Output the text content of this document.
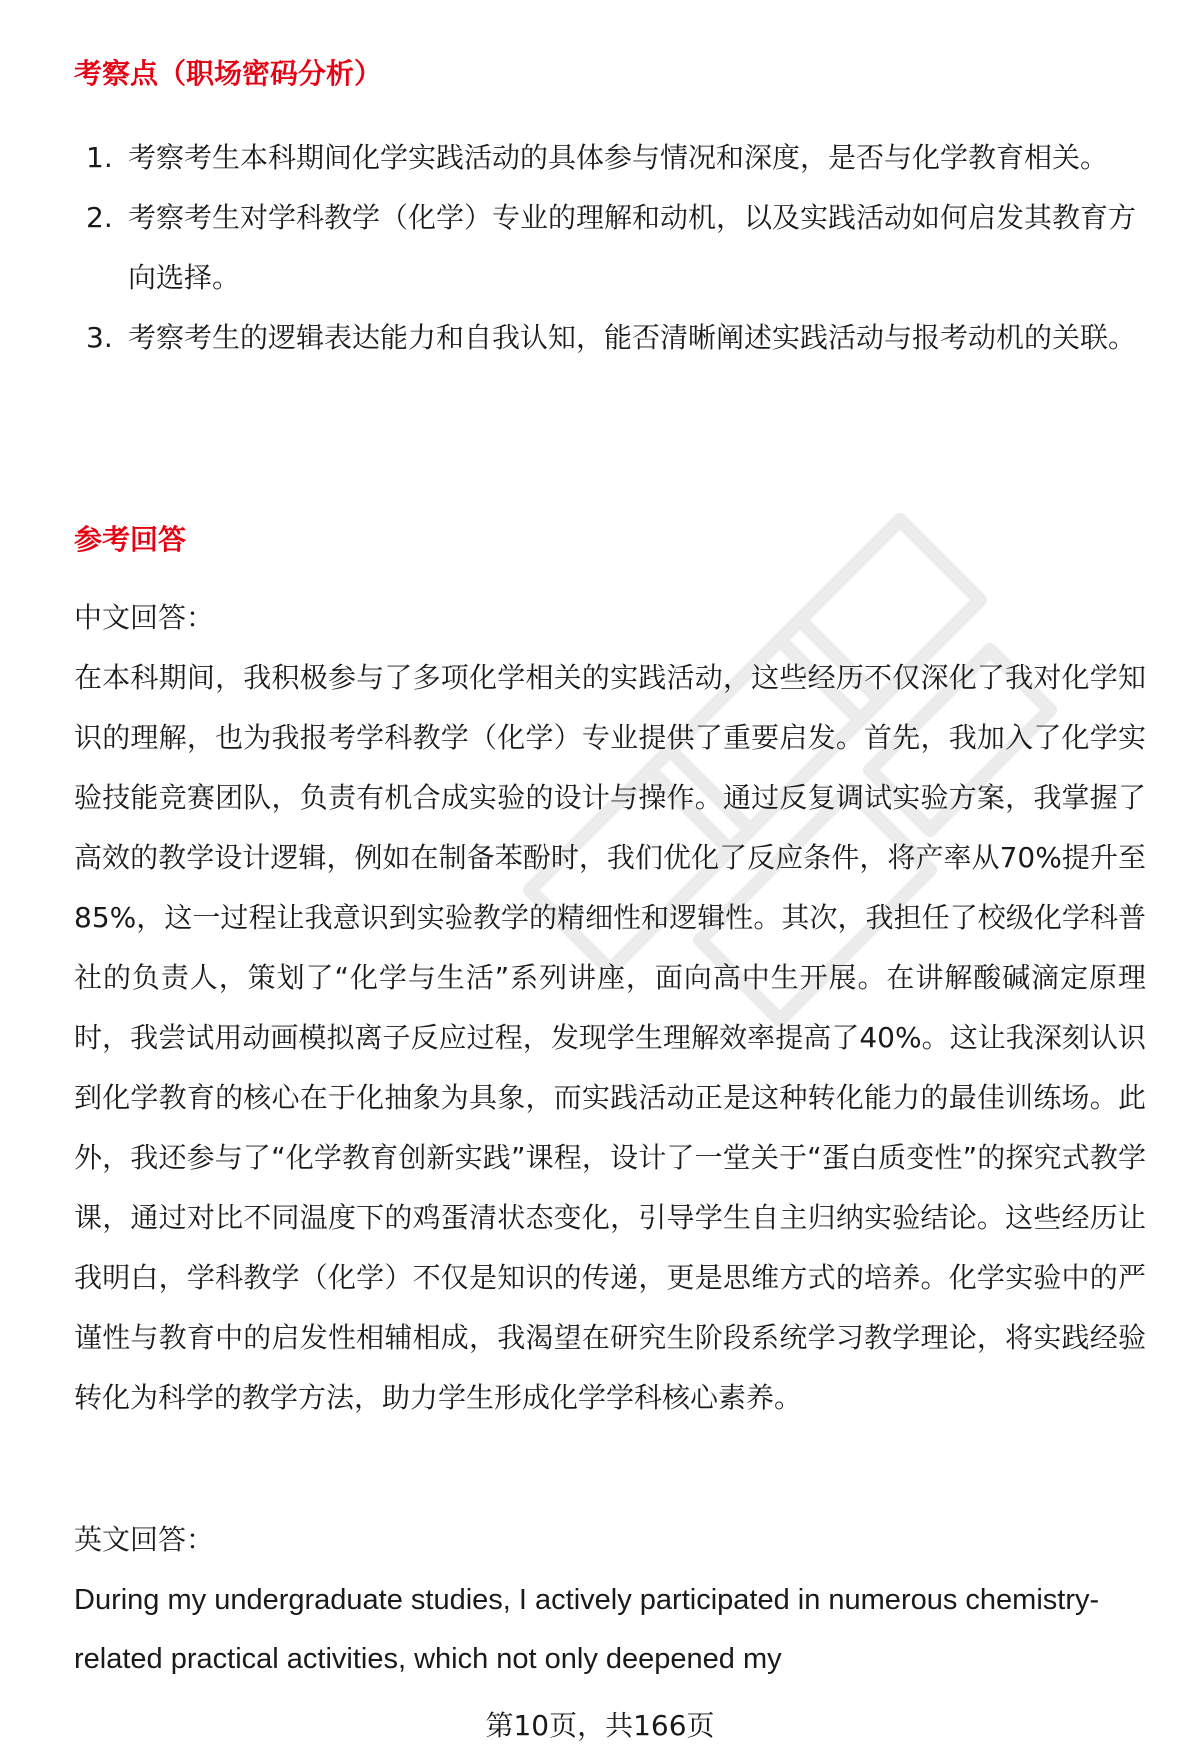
考察点（职场密码分析）
1. 考察考生本科期间化学实践活动的具体参与情况和深度，是否与化学教育相关。
2. 考察考生对学科教学（化学）专业的理解和动机，以及实践活动如何启发其教育方向选择。
3. 考察考生的逻辑表达能力和自我认知，能否清晰阐述实践活动与报考动机的关联。
参考回答
中文回答：

在本科期间，我积极参与了多项化学相关的实践活动，这些经历不仅深化了我对化学知识的理解，也为我报考学科教学（化学）专业提供了重要启发。首先，我加入了化学实验技能竞赛团队，负责有机合成实验的设计与操作。通过反复调试实验方案，我掌握了高效的教学设计逻辑，例如在制备苯酚时，我们优化了反应条件，将产率从70%提升至85%，这一过程让我意识到实验教学的精细性和逻辑性。其次，我担任了校级化学科普社的负责人，策划了“化学与生活”系列讲座，面向高中生开展。在讲解酸碱滴定原理时，我尝试用动画模拟离子反应过程，发现学生理解效率提高了40%。这让我深刻认识到化学教育的核心在于化抽象为具象，而实践活动正是这种转化能力的最佳训练场。此外，我还参与了“化学教育创新实践”课程，设计了一堂关于“蛋白质变性”的探究式教学课，通过对比不同温度下的鸡蛋清状态变化，引导学生自主归纳实验结论。这些经历让我明白，学科教学（化学）不仅是知识的传递，更是思维方式的培养。化学实验中的严谨性与教育中的启发性相辅相成，我渴望在研究生阶段系统学习教学理论，将实践经验转化为科学的教学方法，助力学生形成化学学科核心素养。

英文回答：

During my undergraduate studies, I actively participated in numerous chemistry-related practical activities, which not only deepened my

第10页，共166页
